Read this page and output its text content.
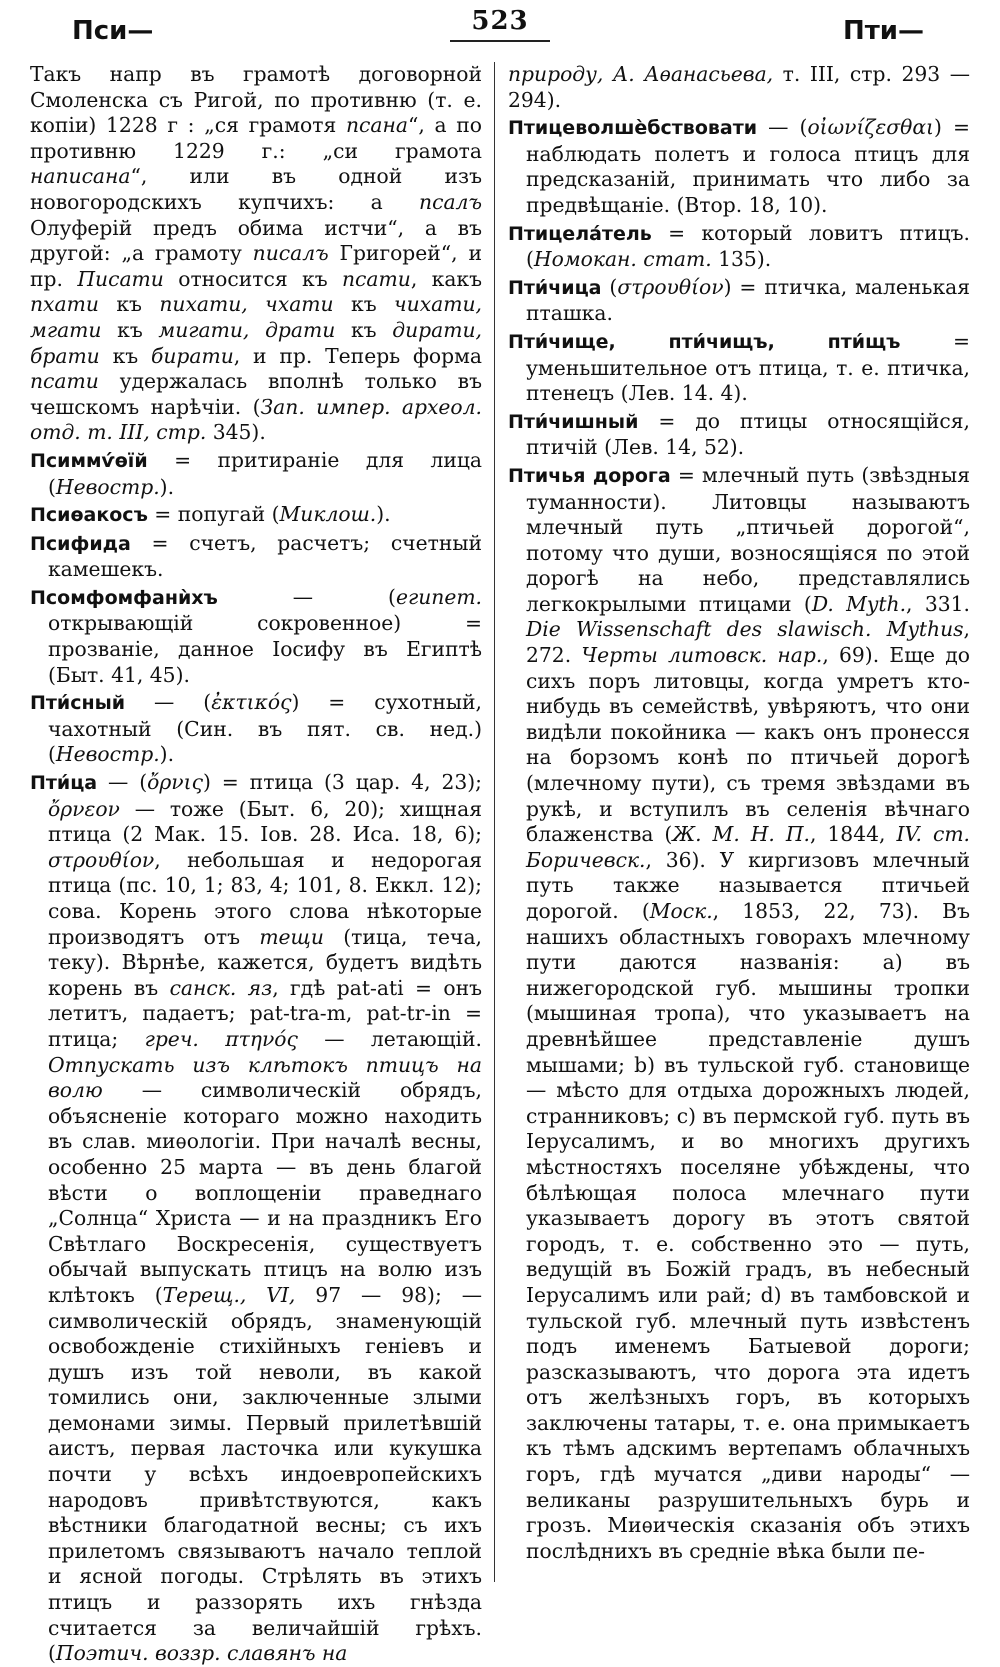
Пси—	523	Пти—

Такъ напр въ грамотѣ договорной Смоленска съ Ригой, по противню (т. е. копіи) 1228 г : „ся грамотя псана“, а по противню 1229 г.: „си грамота написана“, или въ одной изъ новогородскихъ купчихъ: а псалъ Олуферій предъ обима истчи“, а въ другой: „а грамоту писалъ Григорей“, и пр. Писати относится къ псати, какъ пхати къ пихати, чхати къ чихати, мгати къ мигати, драти къ дирати, брати къ бирати, и пр. Теперь форма псати удержалась вполнѣ только въ чешскомъ нарѣчіи. (Зап. импер. археол. отд. т. III, стр. 345).

Псиммѵ́ѳїй = притираніе для лица (Невостр.).

Псиѳакосъ = попугай (Миклош.).

Псифида = счетъ, расчетъ; счетный камешекъ.

Псомфомфанѝхъ — (египет. открывающій сокровенное) = прозваніе, данное Іосифу въ Египтѣ (Быт. 41, 45).

Пти́сный — (ἐκτικός) = сухотный, чахотный (Син. въ пят. св. нед.) (Невостр.).

Пти́ца — (ὄρνις) = птица (3 цар. 4, 23); ὄρνεον — тоже (Быт. 6, 20); хищная птица (2 Мак. 15. Іов. 28. Иса. 18, 6); στρουθίον, небольшая и недорогая птица (пс. 10, 1; 83, 4; 101, 8. Еккл. 12); сова. Корень этого слова нѣкоторые производятъ отъ тещи (тица, теча, теку). Вѣрнѣе, кажется, будетъ видѣть корень въ санск. яз, гдѣ pat-ati = онъ летитъ, падаетъ; pat-tra-m, pat-tr-in = птица; греч. πτηνός — летающій. Отпускать изъ клѣтокъ птицъ на волю — символическій обрядъ, объясненіе котораго можно находить въ слав. миѳологіи. При началѣ весны, особенно 25 марта — въ день благой вѣсти о воплощеніи праведнаго „Солнца“ Христа — и на праздникъ Его Свѣтлаго Воскресенія, существуетъ обычай выпускать птицъ на волю изъ клѣтокъ (Терещ., VI, 97 — 98); — символическій обрядъ, знаменующій освобожденіе стихійныхъ геніевъ и душъ изъ той неволи, въ какой томились они, заключенные злыми демонами зимы. Первый прилетѣвшій аистъ, первая ласточка или кукушка почти у всѣхъ индоевропейскихъ народовъ привѣтствуются, какъ вѣстники благодатной весны; съ ихъ прилетомъ связываютъ начало теплой и ясной погоды. Стрѣлять въ этихъ птицъ и раззорять ихъ гнѣзда считается за величайшій грѣхъ. (Поэтич. воззр. славянъ на

природу, А. Аѳанасьева, т. III, стр. 293 — 294).

Птицеволшѐбствовати — (οἰωνίζεσθαι) = наблюдать полетъ и голоса птицъ для предсказаній, принимать что либо за предвѣщаніе. (Втор. 18, 10).

Птицела́тель = который ловитъ птицъ. (Номокан. стат. 135).

Пти́чица (στρουθίον) = птичка, маленькая пташка.

Пти́чище, пти́чищъ, пти́щъ = уменьшительное отъ птица, т. е. птичка, птенецъ (Лев. 14. 4).

Пти́чишный = до птицы относящійся, птичій (Лев. 14, 52).

Птичья дорога = млечный путь (звѣздныя туманности). Литовцы называютъ млечный путь „птичьей дорогой“, потому что души, возносящіяся по этой дорогѣ на небо, представлялись легкокрылыми птицами (D. Myth., 331. Die Wissenschaft des slawisch. Mythus, 272. Черты литовск. нар., 69). Еще до сихъ поръ литовцы, когда умретъ кто-нибудь въ семействѣ, увѣряютъ, что они видѣли покойника — какъ онъ пронесся на борзомъ конѣ по птичьей дорогѣ (млечному пути), съ тремя звѣздами въ рукѣ, и вступилъ въ селенія вѣчнаго блаженства (Ж. М. Н. П., 1844, IV. ст. Боричевск., 36). У киргизовъ млечный путь также называется птичьей дорогой. (Моск., 1853, 22, 73). Въ нашихъ областныхъ говорахъ млечному пути даются названія: a) въ нижегородской губ. мышины тропки (мышиная тропа), что указываетъ на древнѣйшее представленіе душъ мышами; b) въ тульской губ. становище — мѣсто для отдыха дорожныхъ людей, странниковъ; c) въ пермской губ. путь въ Іерусалимъ, и во многихъ другихъ мѣстностяхъ поселяне убѣждены, что бѣлѣющая полоса млечнаго пути указываетъ дорогу въ этотъ святой городъ, т. е. собственно это — путь, ведущій въ Божій градъ, въ небесный Іерусалимъ или рай; d) въ тамбовской и тульской губ. млечный путь извѣстенъ подъ именемъ Батыевой дороги; разсказываютъ, что дорога эта идетъ отъ желѣзныхъ горъ, въ которыхъ заключены татары, т. е. она примыкаетъ къ тѣмъ адскимъ вертепамъ облачныхъ горъ, гдѣ мучатся „диви народы“ — великаны разрушительныхъ бурь и грозъ. Миѳическія сказанія объ этихъ послѣднихъ въ средніе вѣка были пе-
